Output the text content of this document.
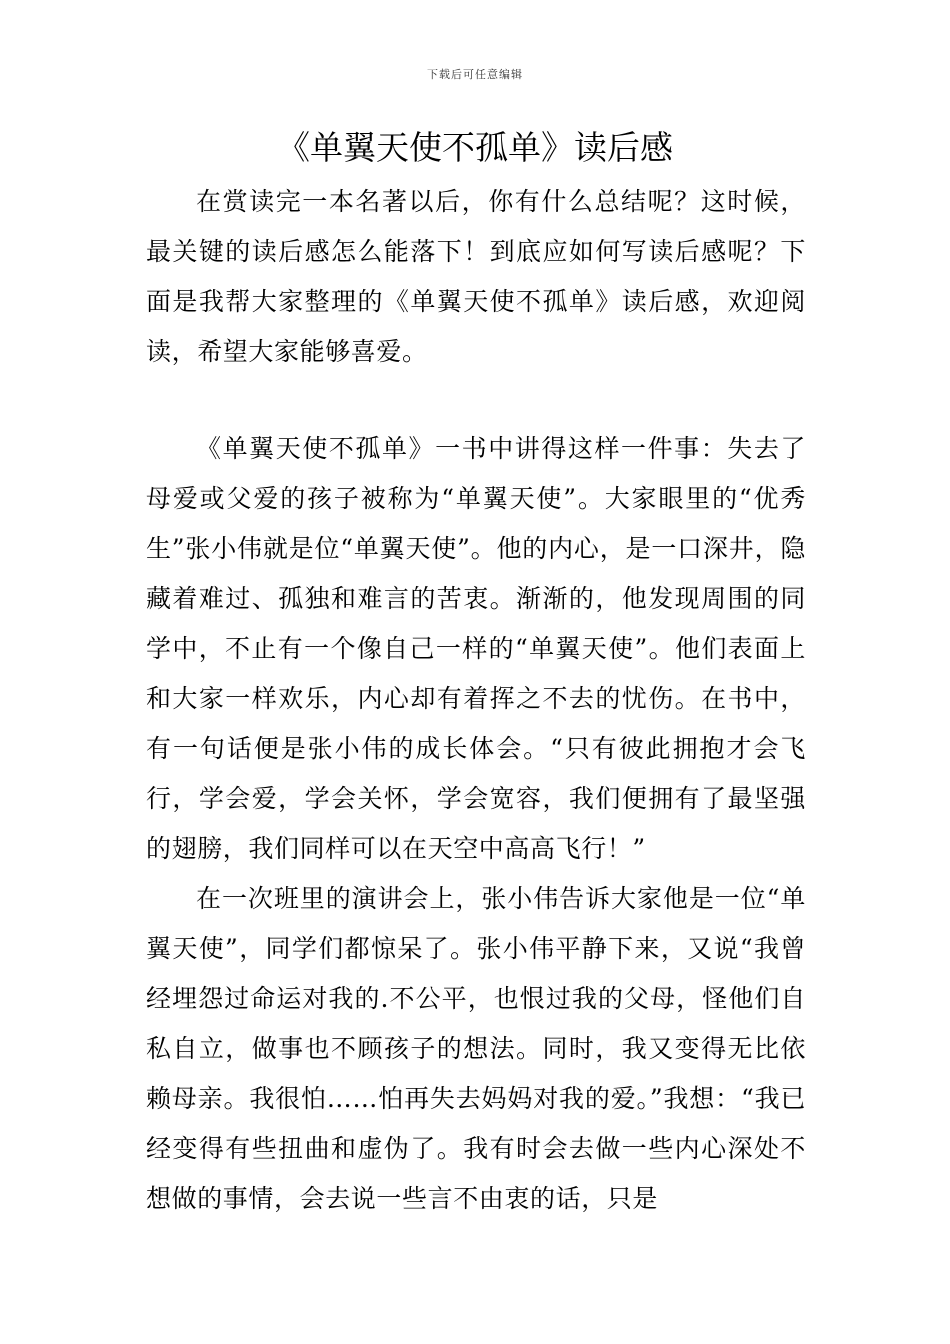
下载后可任意编辑
《单翼天使不孤单》读后感

在赏读完一本名著以后，你有什么总结呢？这时候，最关键的读后感怎么能落下！到底应如何写读后感呢？下面是我帮大家整理的《单翼天使不孤单》读后感，欢迎阅读，希望大家能够喜爱。

《单翼天使不孤单》一书中讲得这样一件事：失去了母爱或父爱的孩子被称为“单翼天使”。大家眼里的“优秀生”张小伟就是位“单翼天使”。他的内心，是一口深井，隐藏着难过、孤独和难言的苦衷。渐渐的，他发现周围的同学中，不止有一个像自己一样的“单翼天使”。他们表面上和大家一样欢乐，内心却有着挥之不去的忧伤。在书中，有一句话便是张小伟的成长体会。“只有彼此拥抱才会飞行，学会爱，学会关怀，学会宽容，我们便拥有了最坚强的翅膀，我们同样可以在天空中高高飞行！”

在一次班里的演讲会上，张小伟告诉大家他是一位“单翼天使”，同学们都惊呆了。张小伟平静下来，又说“我曾经埋怨过命运对我的.不公平，也恨过我的父母，怪他们自私自立，做事也不顾孩子的想法。同时，我又变得无比依赖母亲。我很怕……怕再失去妈妈对我的爱。”我想：“我已经变得有些扭曲和虚伪了。我有时会去做一些内心深处不想做的事情，会去说一些言不由衷的话，只是
